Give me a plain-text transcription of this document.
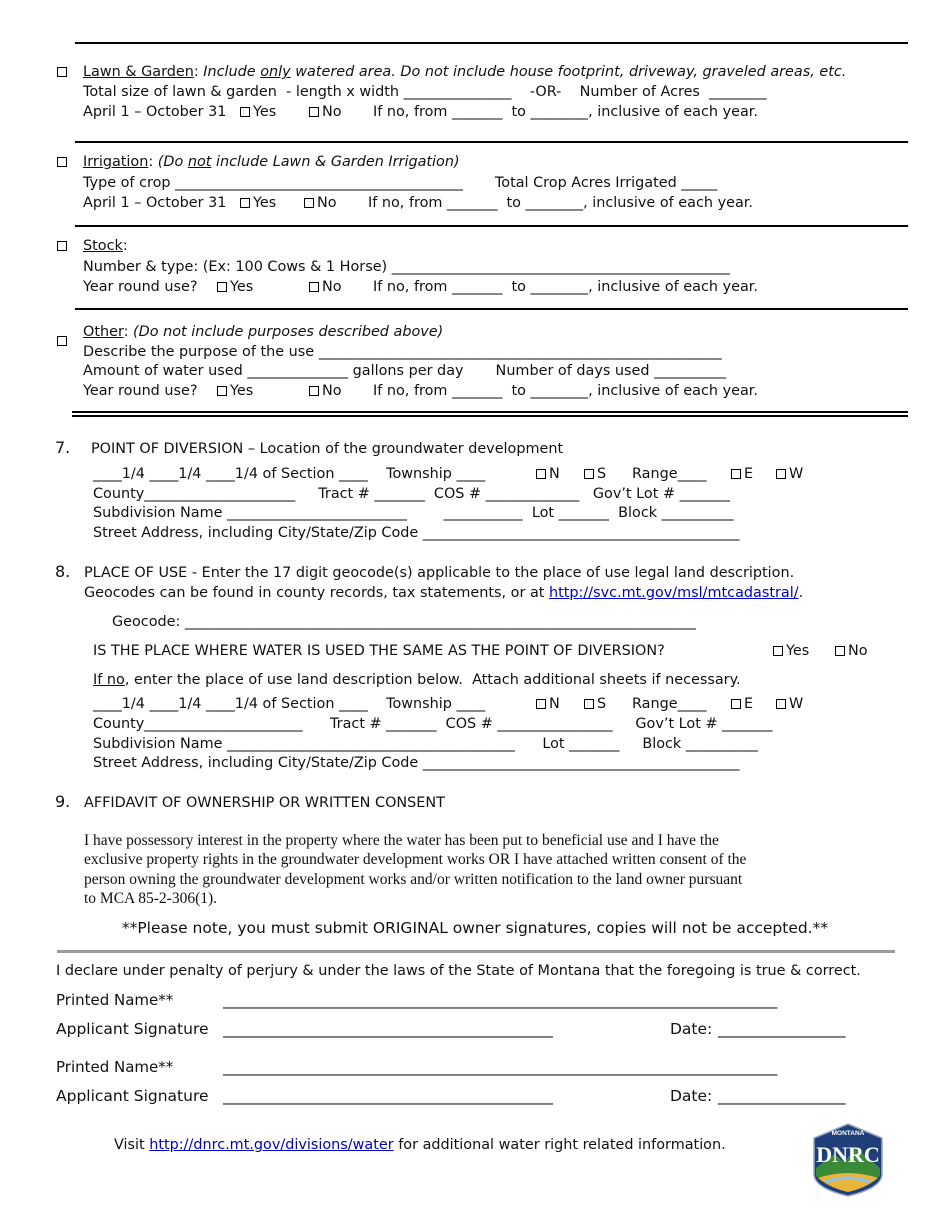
Lawn & Garden: Include only watered area. Do not include house footprint, driveway, graveled areas, etc.
Total size of lawn & garden  - length x width _______________    -OR-    Number of Acres  ________
April 1 – October 31	Yes	No If no, from _______  to ________, inclusive of each year.
Irrigation: (Do not include Lawn & Garden Irrigation)
Type of crop ________________________________________       Total Crop Acres Irrigated _____
April 1 – October 31	Yes	No If no, from _______  to ________, inclusive of each year.
Stock:
Number & type: (Ex: 100 Cows & 1 Horse) _______________________________________________
Year round use?	Yes	No If no, from _______  to ________, inclusive of each year.
Other: (Do not include purposes described above)
Describe the purpose of the use ________________________________________________________
Amount of water used ______________ gallons per day       Number of days used __________
Year round use?	Yes	No If no, from _______  to ________, inclusive of each year.
7. POINT OF DIVERSION – Location of the groundwater development
____1/4 ____1/4 ____1/4 of Section ____    Township ____	N	S Range____	E	W
County_____________________     Tract # _______  COS # _____________   Gov’t Lot # _______
Subdivision Name _________________________        ___________  Lot _______  Block __________
Street Address, including City/State/Zip Code ____________________________________________
8. PLACE OF USE - Enter the 17 digit geocode(s) applicable to the place of use legal land description.
Geocodes can be found in county records, tax statements, or at http://svc.mt.gov/msl/mtcadastral/.
Geocode: _______________________________________________________________________
IS THE PLACE WHERE WATER IS USED THE SAME AS THE POINT OF DIVERSION?	Yes	No
If no, enter the place of use land description below.  Attach additional sheets if necessary.
____1/4 ____1/4 ____1/4 of Section ____    Township ____	N	S Range____	E	W
County______________________      Tract # _______  COS # ________________     Gov’t Lot # _______
Subdivision Name ________________________________________      Lot _______     Block __________
Street Address, including City/State/Zip Code ____________________________________________
9. AFFIDAVIT OF OWNERSHIP OR WRITTEN CONSENT
I have possessory interest in the property where the water has been put to beneficial use and I have the
exclusive property rights in the groundwater development works OR I have attached written consent of the
person owning the groundwater development works and/or written notification to the land owner pursuant
to MCA 85-2-306(1).
**Please note, you must submit ORIGINAL owner signatures, copies will not be accepted.**
I declare under penalty of perjury & under the laws of the State of Montana that the foregoing is true & correct.
Printed Name**	________________________________________________________________________
Applicant Signature ____________________________________________	Date: _________________
Printed Name**	________________________________________________________________________
Applicant Signature ____________________________________________	Date: _________________
Visit http://dnrc.mt.gov/divisions/water for additional water right related information.
MONTANA
DNRC
